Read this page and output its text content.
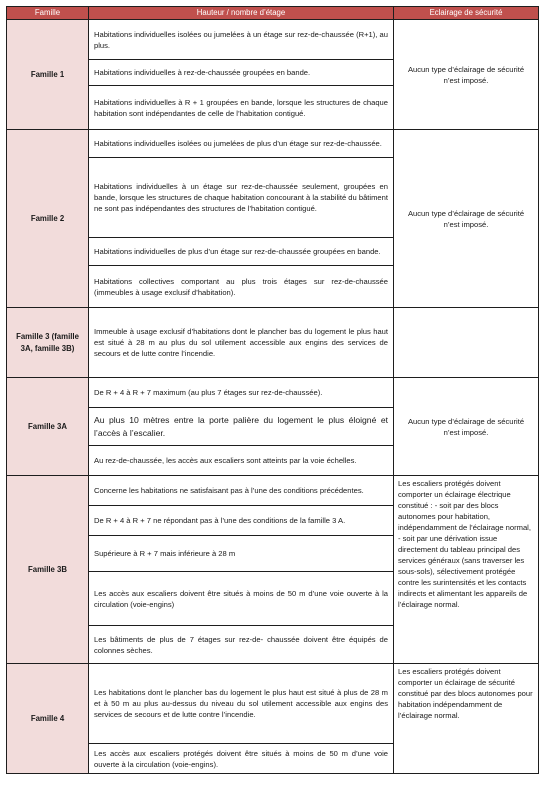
Famille	Hauteur / nombre d’étage	Eclairage de sécurité
Famille 1	Habitations individuelles isolées ou jumelées à un étage sur rez-de-chaussée (R+1), au plus.	Aucun type d’éclairage de sécurité n’est imposé.
	Habitations individuelles à rez-de-chaussée groupées en bande.	
	Habitations individuelles à R + 1 groupées en bande, lorsque les structures de chaque habitation sont indépendantes de celle de l’habitation contigué.	
Famille 2	Habitations individuelles isolées ou jumelées de plus d’un étage sur rez-de-chaussée.	Aucun type d’éclairage de sécurité n’est imposé.
	Habitations individuelles à un étage sur rez-de-chaussée seulement, groupées en bande, lorsque les structures de chaque habitation concourant à la stabilité du bâtiment ne sont pas indépendantes des structures de l’habitation contigué.	
	Habitations individuelles de plus d’un étage sur rez-de-chaussée groupées en bande.	
	Habitations collectives comportant au plus trois étages sur rez-de-chaussée (immeubles à usage exclusif d’habitation).	
Famille 3 (famille 3A, famille 3B)	Immeuble à usage exclusif d’habitations dont le plancher bas du logement le plus haut est situé à 28 m au plus du sol utilement accessible aux engins des services de secours et de lutte contre l’incendie.	
Famille 3A	De R + 4 à R + 7 maximum (au plus 7 étages sur rez-de-chaussée).	Aucun type d’éclairage de sécurité n’est imposé.
	Au plus 10 mètres entre la porte palière du logement le plus éloigné et l’accès à l’escalier.	
	Au rez-de-chaussée, les accès aux escaliers sont atteints par la voie échelles.	
Famille 3B	Concerne les habitations ne satisfaisant pas à l’une des conditions précédentes.	Les escaliers protégés doivent comporter un éclairage électrique constitué : - soit par des blocs autonomes pour habitation, indépendamment de l’éclairage normal, - soit par une dérivation issue directement du tableau principal des services généraux (sans traverser les sous-sols), sélectivement protégée contre les surintensités et les contacts indirects et alimentant les appareils de l’éclairage normal.
	De R + 4 à R + 7 ne répondant pas à l’une des conditions de la famille 3 A.	
	Supérieure à R + 7 mais inférieure à 28 m	
	Les accès aux escaliers doivent être situés à moins de 50 m d’une voie ouverte à la circulation (voie-engins)	
	Les bâtiments de plus de 7 étages sur rez-de- chaussée doivent être équipés de colonnes sèches.	
Famille 4	Les habitations dont le plancher bas du logement le plus haut est situé à plus de 28 m et à 50 m au plus au-dessus du niveau du sol utilement accessible aux engins des services de secours et de lutte contre l’incendie.	Les escaliers protégés doivent comporter un éclairage de sécurité constitué par des blocs autonomes pour habitation indépendamment de l’éclairage normal.
	Les accès aux escaliers protégés doivent être situés à moins de 50 m d’une voie ouverte à la circulation (voie-engins).	
